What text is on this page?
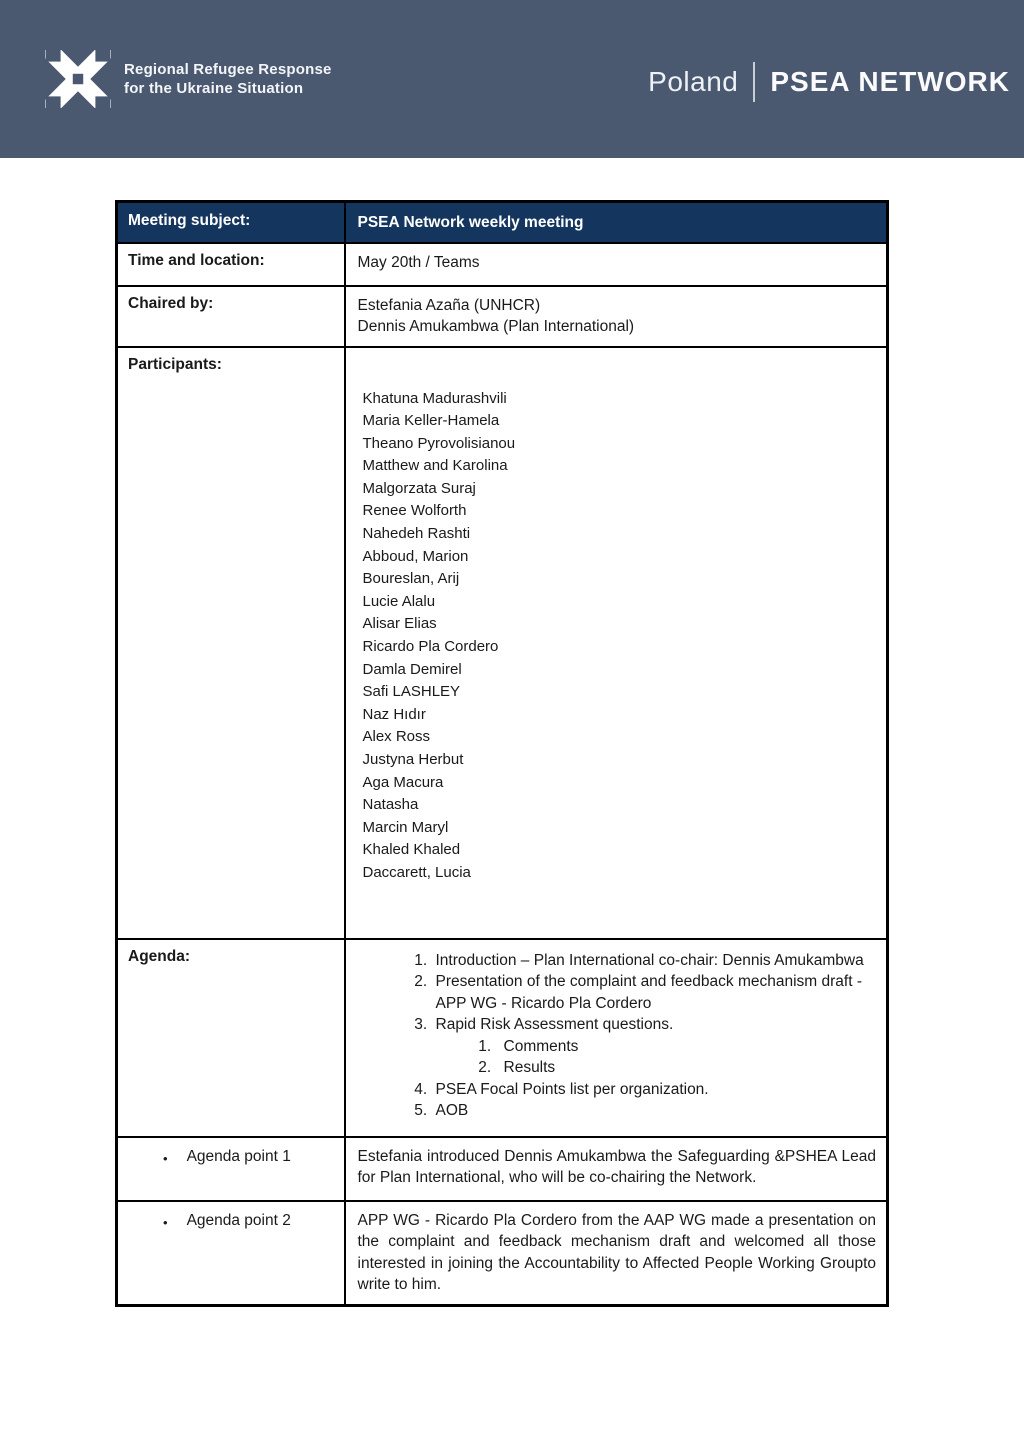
Regional Refugee Response
for the Ukraine Situation	Poland PSEA NETWORK
Meeting subject:	PSEA Network weekly meeting
Time and location:	May 20th / Teams
Chaired by:	Estefania Azaña (UNHCR)
Dennis Amukambwa (Plan International)

Participants:	
Khatuna Madurashvili
Maria Keller-Hamela
Theano Pyrovolisianou
Matthew and Karolina
Malgorzata Suraj
Renee Wolforth
Nahedeh Rashti
Abboud, Marion
Boureslan, Arij
Lucie Alalu
Alisar Elias
Ricardo Pla Cordero
Damla Demirel
Safi LASHLEY
Naz Hıdır
Alex Ross
Justyna Herbut
Aga Macura
Natasha
Marcin Maryl
Khaled Khaled
Daccarett, Lucia

Agenda:	
1.Introduction – Plan International co-chair: Dennis Amukambwa
2. Presentation of the complaint and feedback mechanism draft - APP WG - Ricardo Pla Cordero
3. Rapid Risk Assessment questions.
1. Comments
2. Results
4. PSEA Focal Points list per organization.
5. AOB

• Agenda point 1	Estefania introduced Dennis Amukambwa the Safeguarding &PSHEA Lead for Plan International, who will be co-chairing the Network.

• Agenda point 2	APP WG - Ricardo Pla Cordero from the AAP WG made a presentation on the complaint and feedback mechanism draft and welcomed all those interested in joining the Accountability to Affected People Working Groupto write to him.
